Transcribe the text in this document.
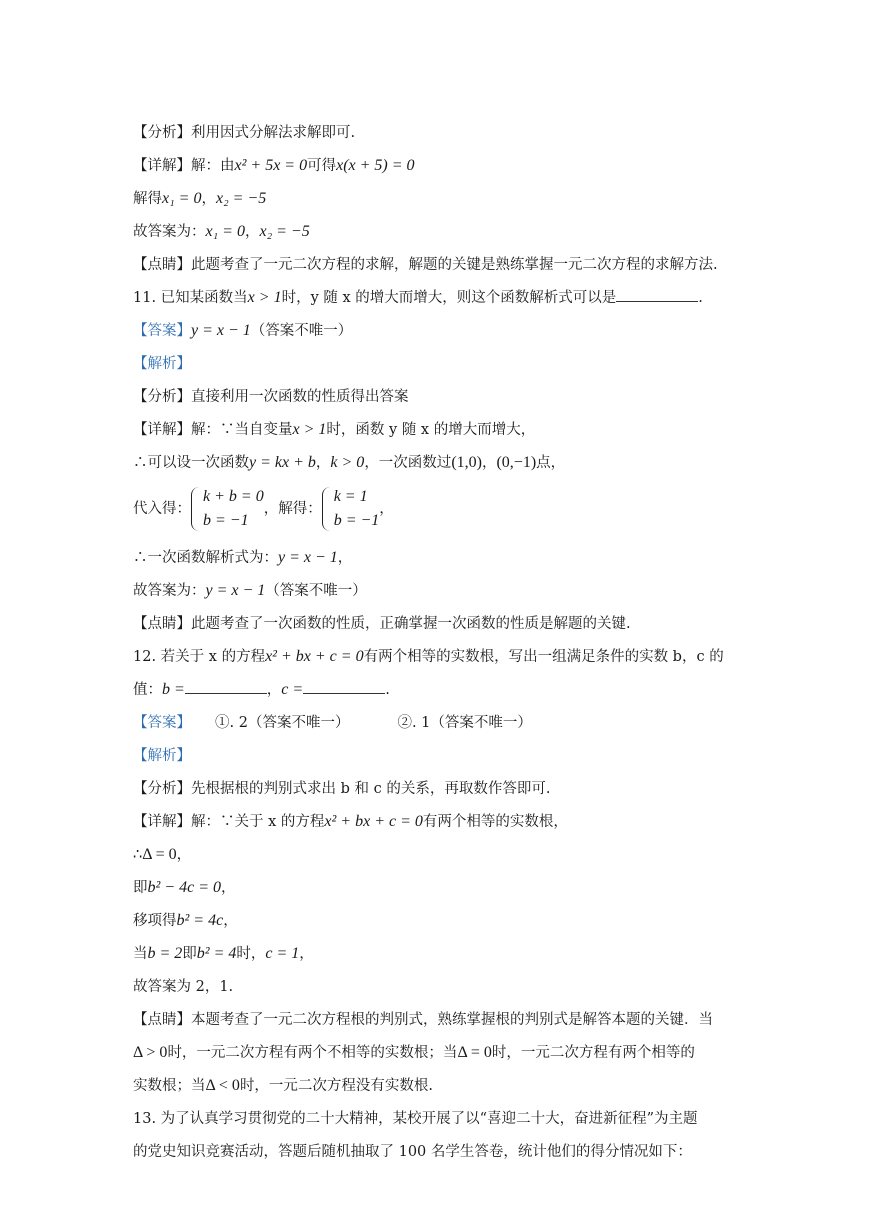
【分析】利用因式分解法求解即可.
【详解】解：由x² + 5x = 0可得x(x + 5) = 0
解得x₁ = 0，x₂ = −5
故答案为：x₁ = 0，x₂ = −5
【点睛】此题考查了一元二次方程的求解，解题的关键是熟练掌握一元二次方程的求解方法.
11. 已知某函数当x > 1时，y 随 x 的增大而增大，则这个函数解析式可以是	.
【答案】y = x − 1（答案不唯一）
【解析】
【分析】直接利用一次函数的性质得出答案
【详解】解：∵当自变量x > 1时，函数 y 随 x 的增大而增大，
∴可以设一次函数y = kx + b，k > 0，一次函数过(1,0)，(0,−1)点，
代入得：
k + b = 0
b = −1
，解得：
k = 1
b = −1
，
∴一次函数解析式为：y = x − 1，
故答案为：y = x − 1（答案不唯一）
【点睛】此题考查了一次函数的性质，正确掌握一次函数的性质是解题的关键.
12. 若关于 x 的方程x² + bx + c = 0有两个相等的实数根，写出一组满足条件的实数 b，c 的
值：b =	，c =	.
【答案】 ①. 2（答案不唯一）	②. 1（答案不唯一）
【解析】
【分析】先根据根的判别式求出 b 和 c 的关系，再取数作答即可.
【详解】解：∵关于 x 的方程x² + bx + c = 0有两个相等的实数根，
∴Δ = 0，
即b² − 4c = 0，
移项得b² = 4c，
当b = 2即b² = 4时，c = 1，
故答案为 2，1.
【点睛】本题考查了一元二次方程根的判别式，熟练掌握根的判别式是解答本题的关键．当
Δ > 0时，一元二次方程有两个不相等的实数根；当Δ = 0时，一元二次方程有两个相等的
实数根；当Δ < 0时，一元二次方程没有实数根.
13. 为了认真学习贯彻党的二十大精神，某校开展了以“喜迎二十大，奋进新征程”为主题
的党史知识竞赛活动，答题后随机抽取了 100 名学生答卷，统计他们的得分情况如下：
